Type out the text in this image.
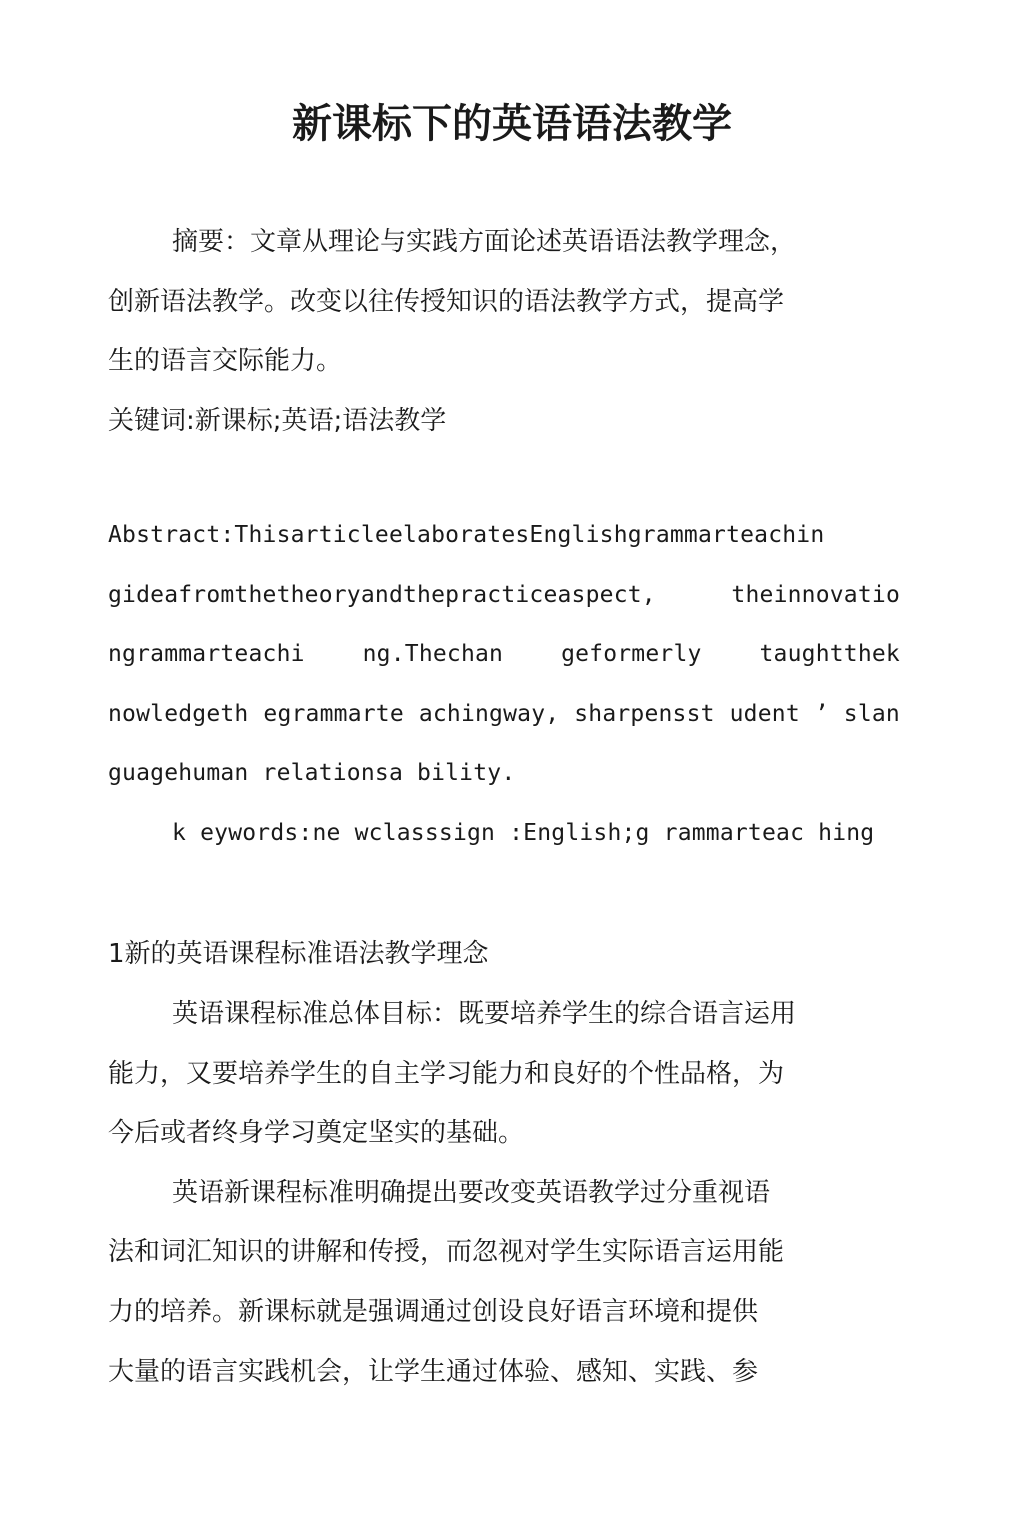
新课标下的英语语法教学

摘要：文章从理论与实践方面论述英语语法教学理念，

创新语法教学。改变以往传授知识的语法教学方式，提高学

生的语言交际能力。

关键词:新课标;英语;语法教学

Abstract:ThisarticleelaboratesEnglishgrammarteachin

gideafromthetheoryandthepracticeaspect,	theinnovatio
ngrammarteachi	ng.Thechan	geformerly	taughtthek
nowledgeth egrammarte achingway, sharpensst udent ’ slan

guagehuman relationsa bility.

k eywords:ne wclasssign :English;g rammarteac hing

1新的英语课程标准语法教学理念

英语课程标准总体目标：既要培养学生的综合语言运用

能力，又要培养学生的自主学习能力和良好的个性品格，为

今后或者终身学习奠定坚实的基础。

英语新课程标准明确提出要改变英语教学过分重视语

法和词汇知识的讲解和传授，而忽视对学生实际语言运用能

力的培养。新课标就是强调通过创设良好语言环境和提供

大量的语言实践机会，让学生通过体验、感知、实践、参
